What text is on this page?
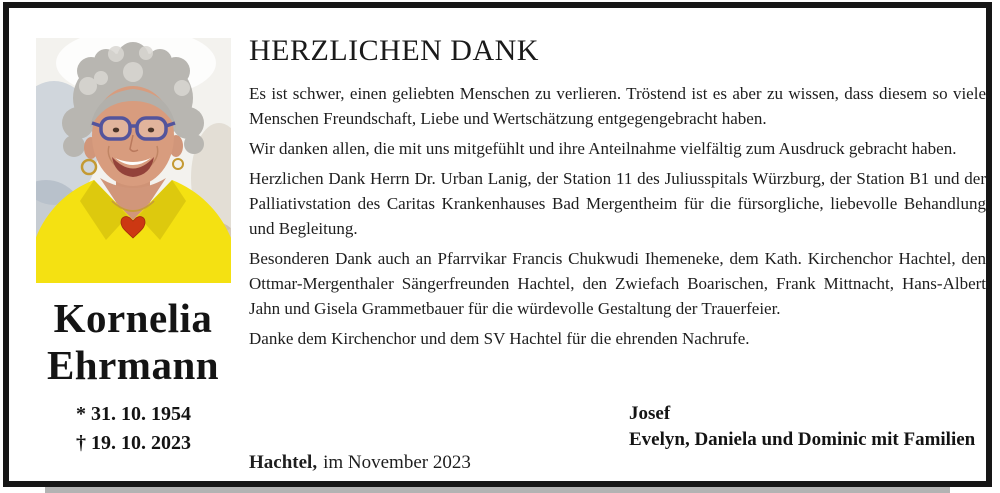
Kornelia
Ehrmann
* 31. 10. 1954
† 19. 10. 2023
HERZLICHEN DANK

Es ist schwer, einen geliebten Menschen zu verlieren. Tröstend ist es aber zu wissen, dass diesem so viele Menschen Freundschaft, Liebe und Wertschätzung entgegengebracht haben.

Wir danken allen, die mit uns mitgefühlt und ihre Anteilnahme vielfältig zum Ausdruck gebracht haben.

Herzlichen Dank Herrn Dr. Urban Lanig, der Station 11 des Juliusspitals Würzburg, der Station B1 und der Palliativstation des Caritas Krankenhauses Bad Mergentheim für die fürsorgliche, liebevolle Behandlung und Begleitung.

Besonderen Dank auch an Pfarrvikar Francis Chukwudi Ihemeneke, dem Kath. Kirchenchor Hachtel, den Ottmar-Mergenthaler Sängerfreunden Hachtel, den Zwiefach Boarischen, Frank Mittnacht, Hans-Albert Jahn und Gisela Grammetbauer für die würdevolle Gestaltung der Trauerfeier.

Danke dem Kirchenchor und dem SV Hachtel für die ehrenden Nachrufe.

Josef
Evelyn, Daniela und Dominic mit Familien
Hachtel, im November 2023
